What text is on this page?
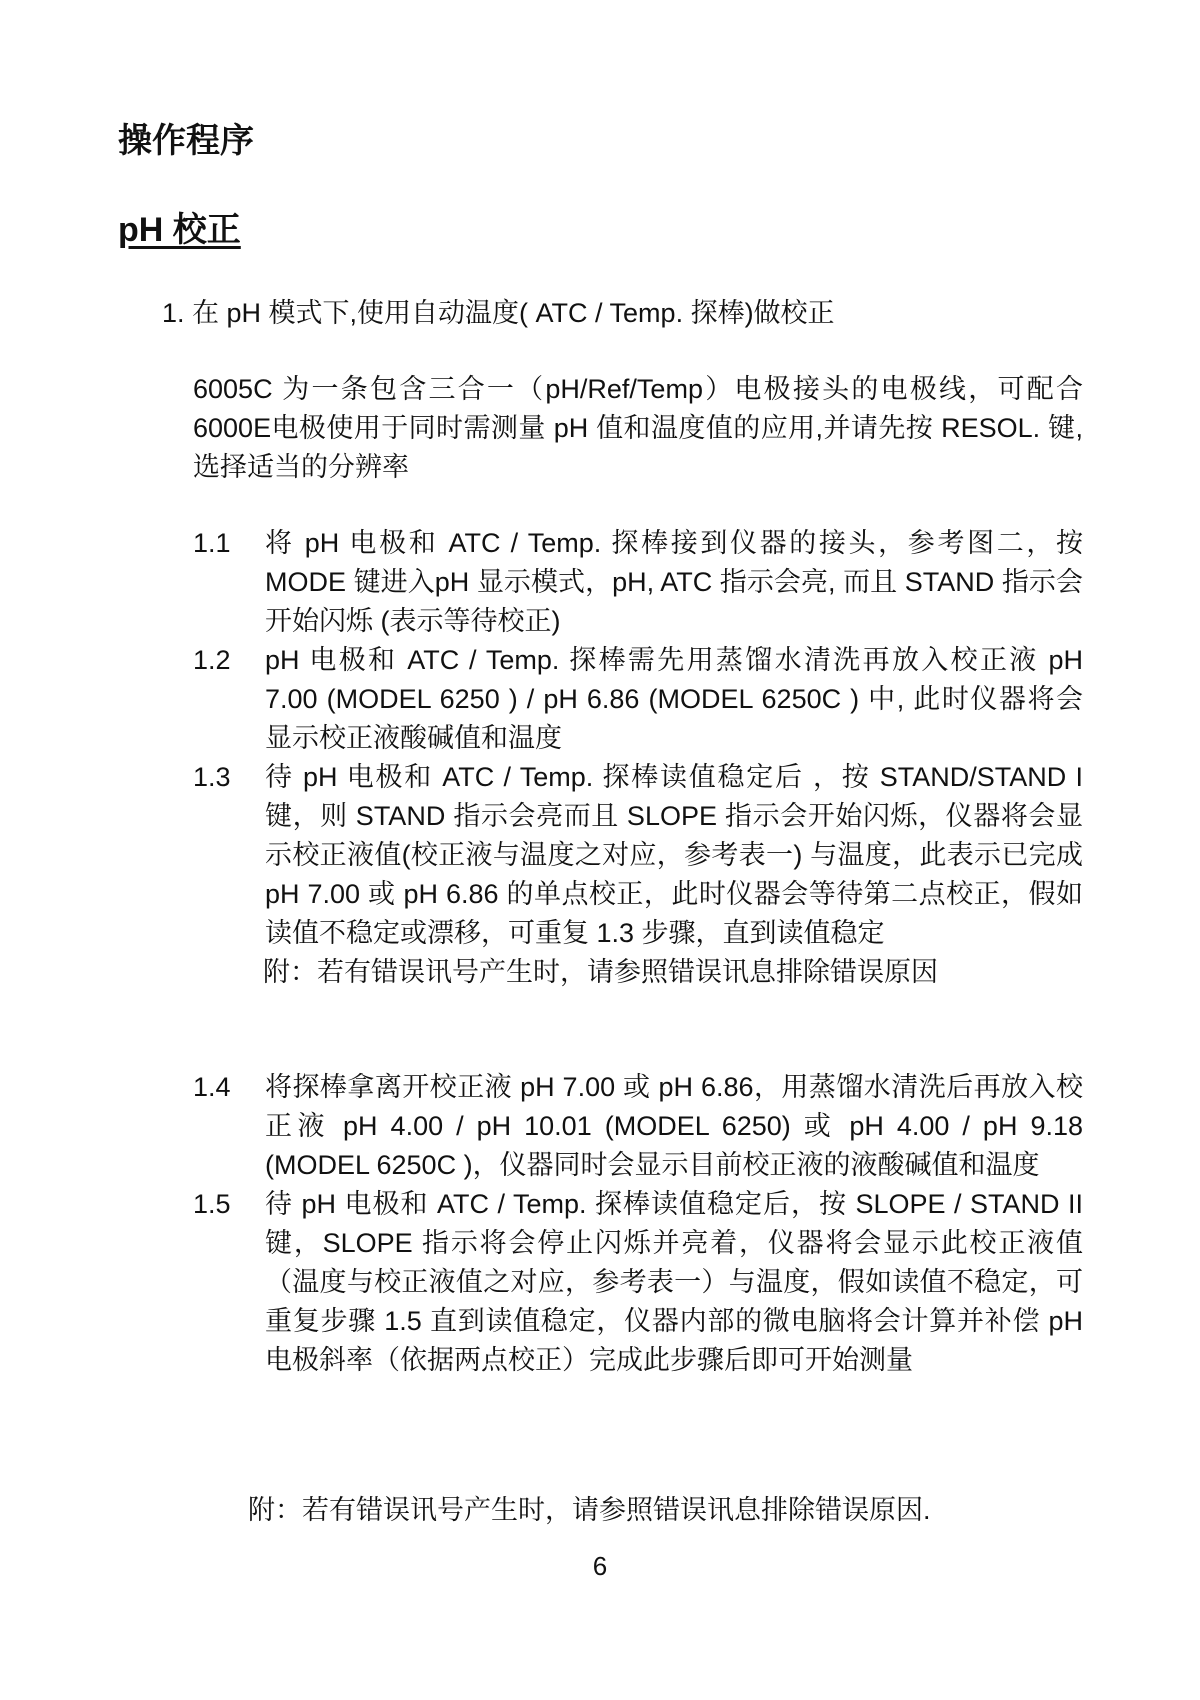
操作程序
pH 校正
1. 在 pH 模式下,使用自动温度( ATC / Temp. 探棒)做校正

6005C 为一条包含三合一（pH/Ref/Temp）电极接头的电极线，可配合6000E电极使用于同时需测量 pH 值和温度值的应用,并请先按 RESOL. 键,选择适当的分辨率

1.1	将 pH 电极和 ATC / Temp. 探棒接到仪器的接头，参考图二，按 MODE 键进入pH 显示模式，pH, ATC 指示会亮, 而且 STAND 指示会开始闪烁 (表示等待校正)
1.2	pH 电极和 ATC / Temp. 探棒需先用蒸馏水清洗再放入校正液 pH 7.00 (MODEL 6250 ) / pH 6.86 (MODEL 6250C ) 中, 此时仪器将会显示校正液酸碱值和温度
1.3	待 pH 电极和 ATC / Temp. 探棒读值稳定后 ，按 STAND/STAND I 键，则 STAND 指示会亮而且 SLOPE 指示会开始闪烁，仪器将会显示校正液值(校正液与温度之对应，参考表一) 与温度，此表示已完成 pH 7.00 或 pH 6.86 的单点校正，此时仪器会等待第二点校正，假如读值不稳定或漂移，可重复 1.3 步骤，直到读值稳定
附：若有错误讯号产生时，请参照错误讯息排除错误原因
1.4	将探棒拿离开校正液 pH 7.00 或 pH 6.86，用蒸馏水清洗后再放入校正液 pH 4.00 / pH 10.01 (MODEL 6250) 或 pH 4.00 / pH 9.18 (MODEL 6250C )，仪器同时会显示目前校正液的液酸碱值和温度
1.5	待 pH 电极和 ATC / Temp. 探棒读值稳定后，按 SLOPE / STAND II 键，SLOPE 指示将会停止闪烁并亮着，仪器将会显示此校正液值（温度与校正液值之对应，参考表一）与温度，假如读值不稳定，可重复步骤 1.5 直到读值稳定，仪器内部的微电脑将会计算并补偿 pH 电极斜率（依据两点校正）完成此步骤后即可开始测量
附：若有错误讯号产生时，请参照错误讯息排除错误原因.
6
